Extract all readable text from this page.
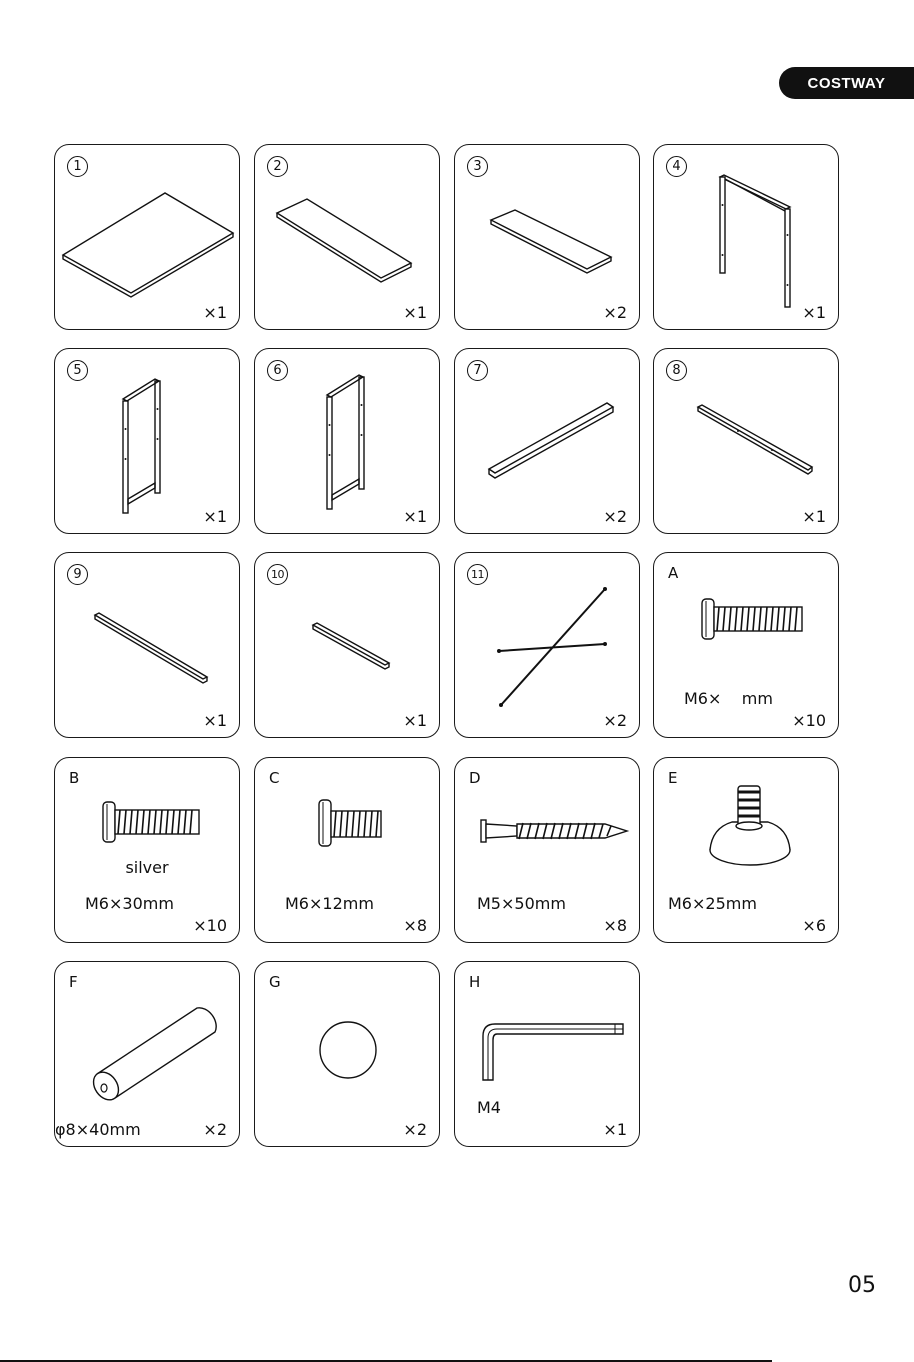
COSTWAY
1
×1
2
×1
3
×2
4
×1
5
×1
6
×1
7
×2
8
×1
9
×1
10
×1
11
×2
A
M6×    mm
×10
B
silver
M6×30mm
×10
C
M6×12mm
×8
D
M5×50mm
×8
E
M6×25mm
×6
F
φ8×40mm	×2
G
×2
H
M4
×1
05
